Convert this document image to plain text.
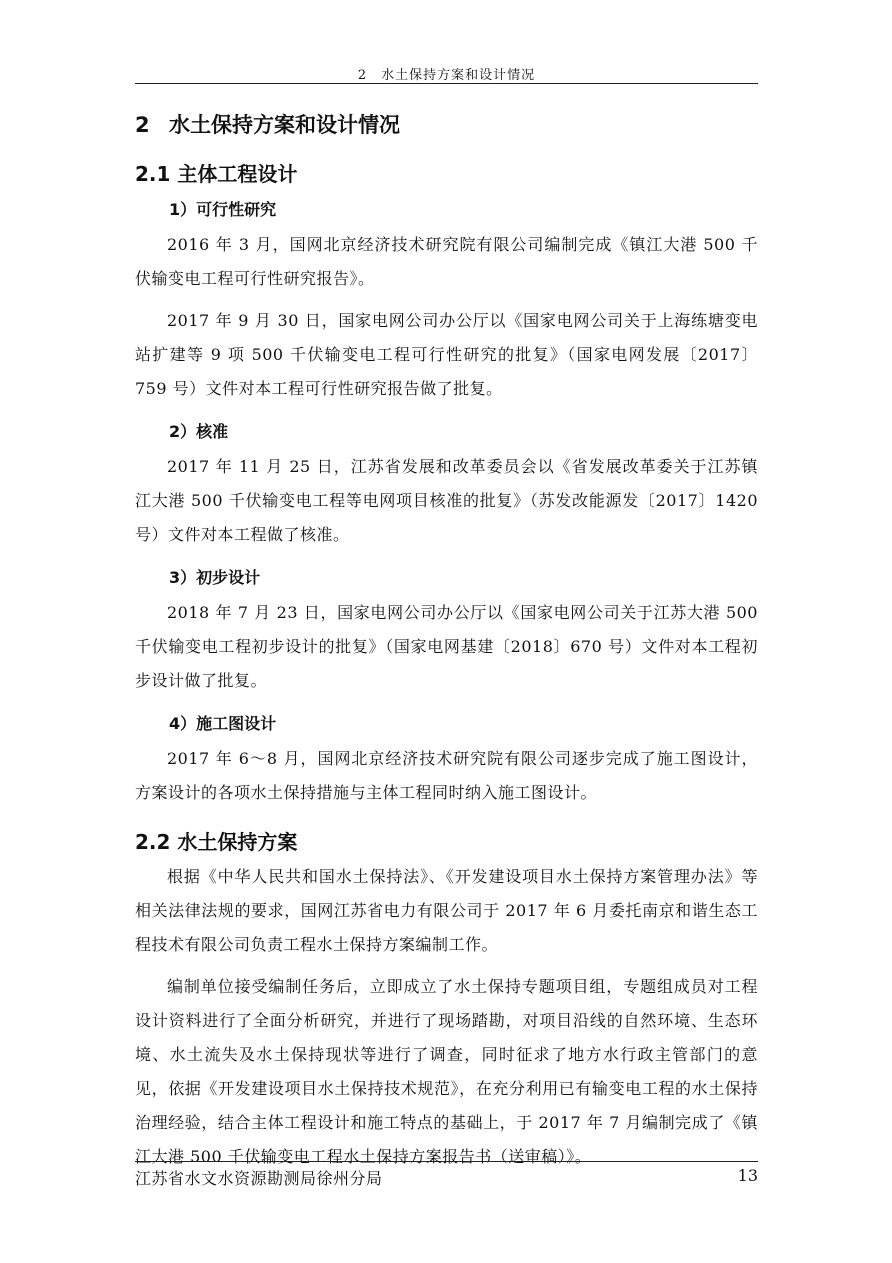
2　水土保持方案和设计情况
2 水土保持方案和设计情况
2.1 主体工程设计
1）可行性研究

2016 年 3 月，国网北京经济技术研究院有限公司编制完成《镇江大港 500 千伏输变电工程可行性研究报告》。

2017 年 9 月 30 日，国家电网公司办公厅以《国家电网公司关于上海练塘变电站扩建等 9 项 500 千伏输变电工程可行性研究的批复》（国家电网发展〔2017〕759 号）文件对本工程可行性研究报告做了批复。

2）核准

2017 年 11 月 25 日，江苏省发展和改革委员会以《省发展改革委关于江苏镇江大港 500 千伏输变电工程等电网项目核准的批复》（苏发改能源发〔2017〕1420 号）文件对本工程做了核准。

3）初步设计

2018 年 7 月 23 日，国家电网公司办公厅以《国家电网公司关于江苏大港 500 千伏输变电工程初步设计的批复》（国家电网基建〔2018〕670 号）文件对本工程初步设计做了批复。

4）施工图设计

2017 年 6～8 月，国网北京经济技术研究院有限公司逐步完成了施工图设计，方案设计的各项水土保持措施与主体工程同时纳入施工图设计。

2.2 水土保持方案

根据《中华人民共和国水土保持法》、《开发建设项目水土保持方案管理办法》等相关法律法规的要求，国网江苏省电力有限公司于 2017 年 6 月委托南京和谐生态工程技术有限公司负责工程水土保持方案编制工作。

编制单位接受编制任务后，立即成立了水土保持专题项目组，专题组成员对工程设计资料进行了全面分析研究，并进行了现场踏勘，对项目沿线的自然环境、生态环境、水土流失及水土保持现状等进行了调查，同时征求了地方水行政主管部门的意见，依据《开发建设项目水土保持技术规范》，在充分利用已有输变电工程的水土保持治理经验，结合主体工程设计和施工特点的基础上，于 2017 年 7 月编制完成了《镇江大港 500 千伏输变电工程水土保持方案报告书（送审稿）》。

江苏省水文水资源勘测局徐州分局	13
